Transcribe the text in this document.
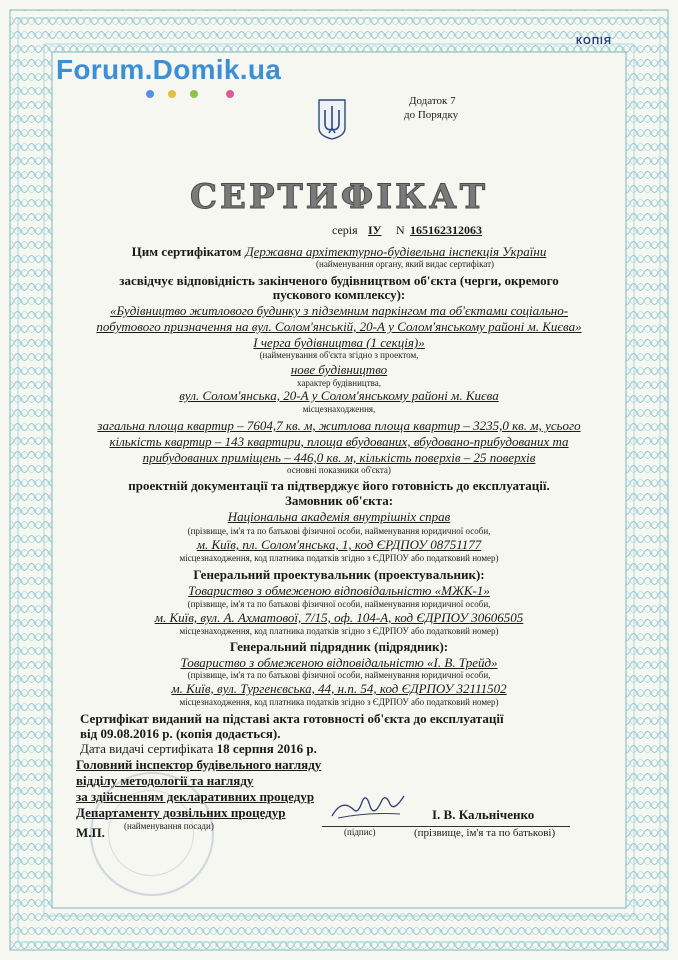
Forum.Domik.ua
КОПІЯ
Додаток 7
до Порядку
СЕРТИФІКАТ
серія ІУ N 165162312063
Цим сертифікатом Державна архітектурно-будівельна інспекція України
(найменування органу, який видає сертифікат)
засвідчує відповідність закінченого будівництвом об'єкта (черги, окремого
пускового комплексу):
«Будівництво житлового будинку з підземним паркінгом та об'єктами соціально-
побутового призначення на вул. Солом'янській, 20-А у Солом'янському районі м. Києва»
І черга будівництва (1 секція)»
(найменування об'єкта згідно з проектом,
нове будівництво
характер будівництва,
вул. Солом'янська, 20-А у Солом'янському районі м. Києва
місцезнаходження,
загальна площа квартир – 7604,7 кв. м, житлова площа квартир – 3235,0 кв. м, усього
кількість квартир – 143 квартири, площа вбудованих, вбудовано-прибудованих та
прибудованих приміщень – 446,0 кв. м, кількість поверхів – 25 поверхів
основні показники об'єкта)
проектній документації та підтверджує його готовність до експлуатації.
Замовник об'єкта:
Національна академія внутрішніх справ
(прізвище, ім'я та по батькові фізичної особи, найменування юридичної особи,
м. Київ, пл. Солом'янська, 1, код ЄРДПОУ 08751177
місцезнаходження, код платника податків згідно з ЄДРПОУ або податковий номер)
Генеральний проектувальник (проектувальник):
Товариство з обмеженою відповідальністю «МЖК-1»
(прізвище, ім'я та по батькові фізичної особи, найменування юридичної особи,
м. Київ, вул. А. Ахматової, 7/15, оф. 104-А, код ЄДРПОУ 30606505
місцезнаходження, код платника податків згідно з ЄДРПОУ або податковий номер)
Генеральний підрядник (підрядник):
Товариство з обмеженою відповідальністю «І. В. Трейд»
(прізвище, ім'я та по батькові фізичної особи, найменування юридичної особи,
м. Київ, вул. Тургенєвська, 44, н.п. 54, код ЄДРПОУ 32111502
місцезнаходження, код платника податків згідно з ЄДРПОУ або податковий номер)
Сертифікат виданий на підставі акта готовності об'єкта до експлуатації
від 09.08.2016 р. (копія додається).
Дата видачі сертифіката 18 серпня 2016 р.
Головний інспектор будівельного нагляду
відділу методології та нагляду
за здійсненням декларативних процедур
Департаменту дозвільних процедур
(найменування посади)
(підпис)
І. В. Кальніченко
(прізвище, ім'я та по батькові)
М.П.
